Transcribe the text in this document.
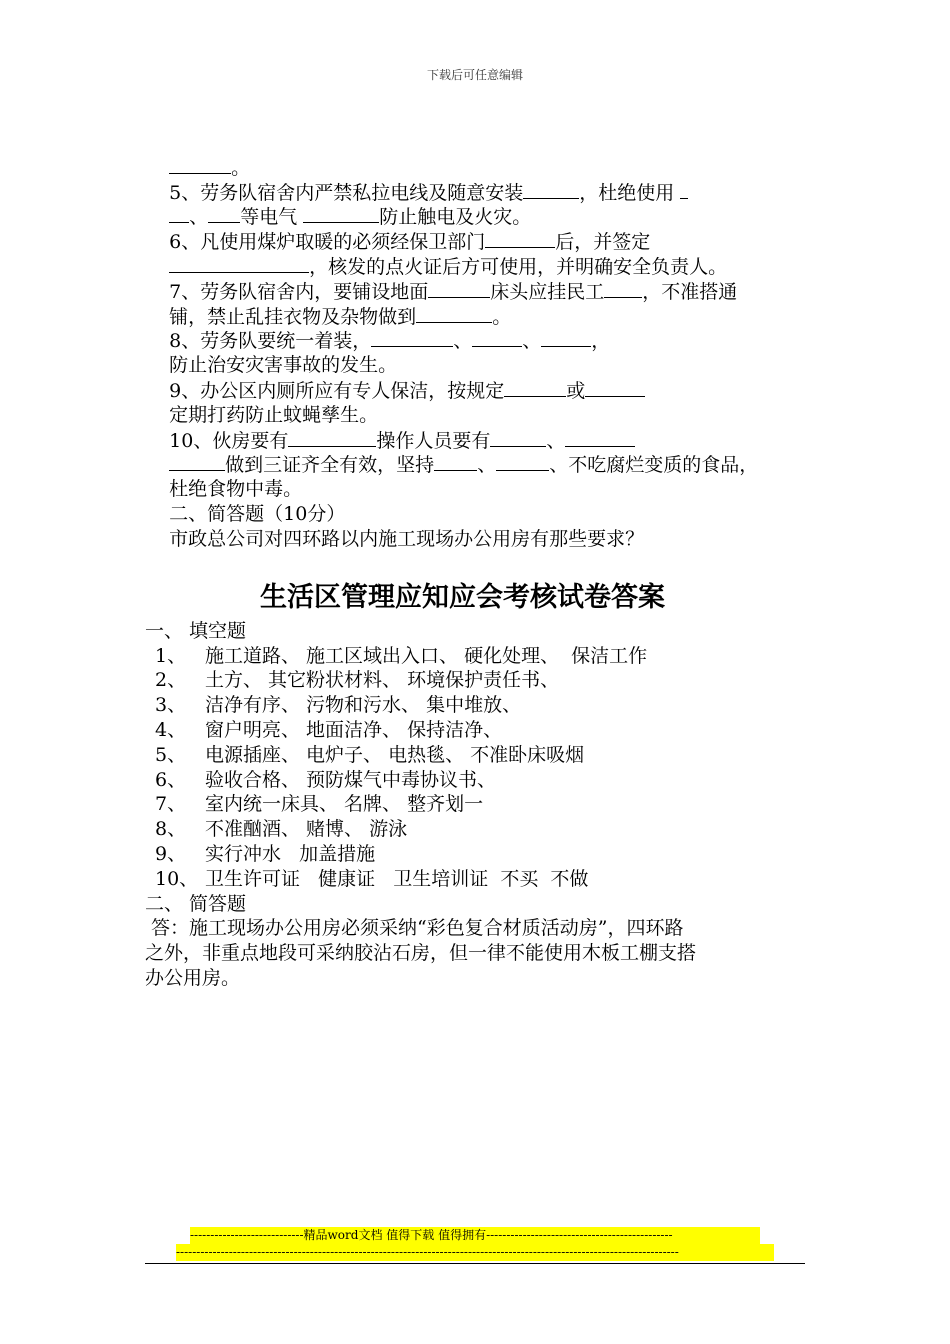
下载后可任意编辑

。

5、劳务队宿舍内严禁私拉电线及随意安装	，杜绝使用

、 等电气	防止触电及火灾。

6、凡使用煤炉取暖的必须经保卫部门	后，并签定

，核发的点火证后方可使用，并明确安全负责人。

7、劳务队宿舍内，要铺设地面	床头应挂民工 ，不准搭通

铺，禁止乱挂衣物及杂物做到	。

8、劳务队要统一着装，	、	、	，

防止治安灾害事故的发生。

9、办公区内厕所应有专人保洁，按规定	或

定期打药防止蚊蝇孳生。

10、伙房要有	操作人员要有	、

做到三证齐全有效，坚持 、	、不吃腐烂变质的食品，

杜绝食物中毒。

二、简答题（10分）

市政总公司对四环路以内施工现场办公用房有那些要求？

生活区管理应知应会考核试卷答案
一、 填空题
1、 施工道路、 施工区域出入口、 硬化处理、  保洁工作
2、 土方、 其它粉状材料、 环境保护责任书、
3、 洁净有序、 污物和污水、 集中堆放、
4、 窗户明亮、 地面洁净、 保持洁净、
5、 电源插座、 电炉子、 电热毯、 不准卧床吸烟
6、 验收合格、 预防煤气中毒协议书、
7、 室内统一床具、 名牌、 整齐划一
8、 不准酗酒、 赌博、 游泳
9、 实行冲水   加盖措施
10、 卫生许可证   健康证   卫生培训证  不买  不做
二、 简答题
答：施工现场办公用房必须采纳“彩色复合材质活动房”，四环路
之外，非重点地段可采纳胶沾石房，但一律不能使用木板工棚支搭
办公用房。
----------------------------精品word文档 值得下载 值得拥有----------------------------------------------
----------------------------------------------------------------------------------------------------------------------------
